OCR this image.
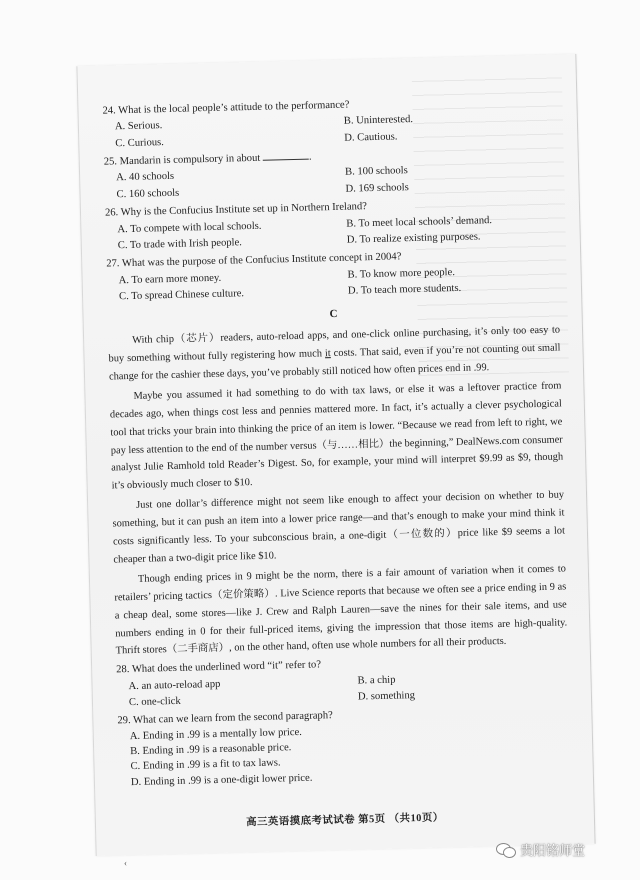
24. What is the local people’s attitude to the performance?
A. Serious.	B. Uninterested.
C. Curious.	D. Cautious.
25. Mandarin is compulsory in about	.
A. 40 schools	B. 100 schools
C. 160 schools	D. 169 schools
26. Why is the Confucius Institute set up in Northern Ireland?
A. To compete with local schools.	B. To meet local schools’ demand.
C. To trade with Irish people.	D. To realize existing purposes.
27. What was the purpose of the Confucius Institute concept in 2004?
A. To earn more money.	B. To know more people.
C. To spread Chinese culture.	D. To teach more students.
C

With chip（芯片）readers, auto-reload apps, and one-click online purchasing, it’s only too easy to buy something without fully registering how much it costs. That said, even if you’re not counting out small change for the cashier these days, you’ve probably still noticed how often prices end in .99.

Maybe you assumed it had something to do with tax laws, or else it was a leftover practice from decades ago, when things cost less and pennies mattered more. In fact, it’s actually a clever psychological tool that tricks your brain into thinking the price of an item is lower. “Because we read from left to right, we pay less attention to the end of the number versus（与……相比）the beginning,” DealNews.com consumer analyst Julie Ramhold told Reader’s Digest. So, for example, your mind will interpret $9.99 as $9, though it’s obviously much closer to $10.

Just one dollar’s difference might not seem like enough to affect your decision on whether to buy something, but it can push an item into a lower price range—and that’s enough to make your mind think it costs significantly less. To your subconscious brain, a one-digit（一位数的）price like $9 seems a lot cheaper than a two-digit price like $10.

Though ending prices in 9 might be the norm, there is a fair amount of variation when it comes to retailers’ pricing tactics（定价策略）. Live Science reports that because we often see a price ending in 9 as a cheap deal, some stores—like J. Crew and Ralph Lauren—save the nines for their sale items, and use numbers ending in 0 for their full-priced items, giving the impression that those items are high-quality. Thrift stores（二手商店）, on the other hand, often use whole numbers for all their products.

28. What does the underlined word “it” refer to?
A. an auto-reload app	B. a chip
C. one-click	D. something
29. What can we learn from the second paragraph?
A. Ending in .99 is a mentally low price.
B. Ending in .99 is a reasonable price.
C. Ending in .99 is a fit to tax laws.
D. Ending in .99 is a one-digit lower price.
高三英语摸底考试试卷 第5页 （共10页）
‹
贵阳铭师堂
